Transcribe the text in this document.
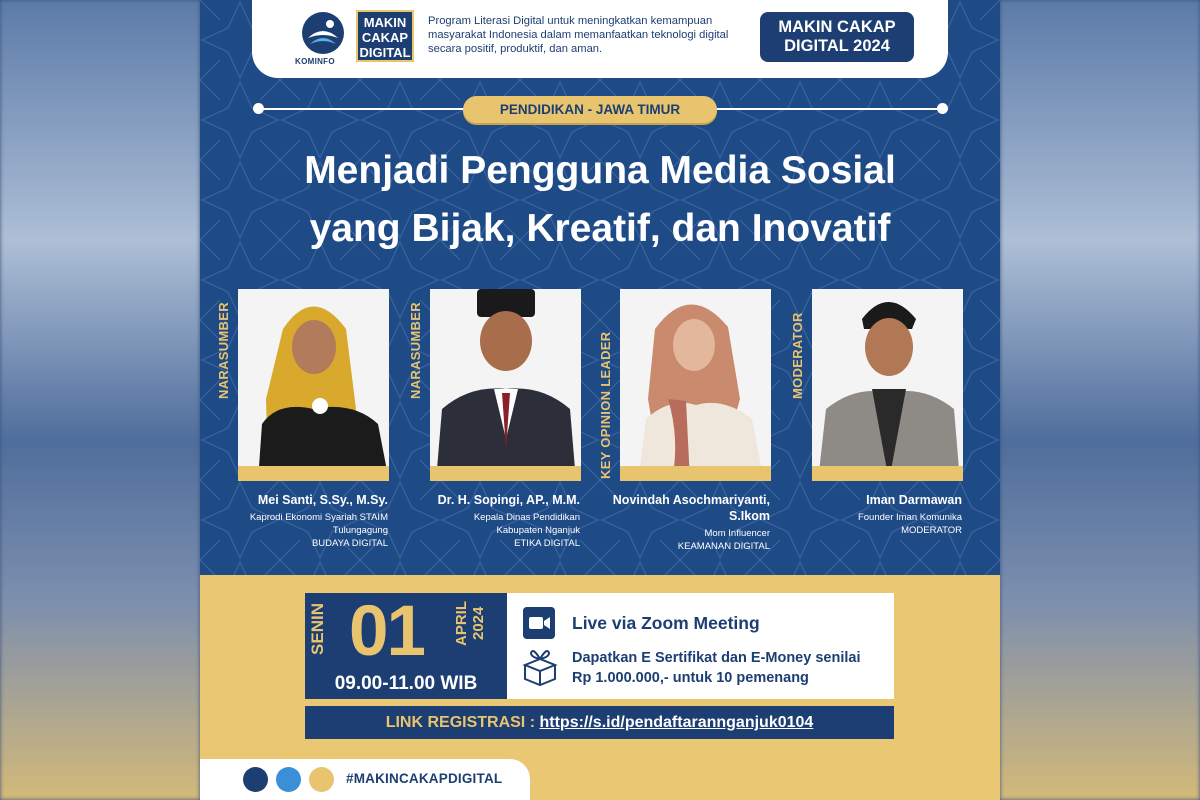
KOMINFO
MAKIN
CAKAP
DIGITAL
Program Literasi Digital untuk meningkatkan kemampuan masyarakat Indonesia dalam memanfaatkan teknologi digital secara positif, produktif, dan aman.
MAKIN CAKAP
DIGITAL 2024
PENDIDIKAN - JAWA TIMUR
Menjadi Pengguna Media Sosial
yang Bijak, Kreatif, dan Inovatif
NARASUMBER
Mei Santi, S.Sy., M.Sy.
Kaprodi Ekonomi Syariah STAIM
Tulungagung
BUDAYA DIGITAL
NARASUMBER
Dr. H. Sopingi, AP., M.M.
Kepala Dinas Pendidikan
Kabupaten Nganjuk
ETIKA DIGITAL
KEY OPINION LEADER
Novindah Asochmariyanti,
S.Ikom
Mom Influencer
KEAMANAN DIGITAL
MODERATOR
Iman Darmawan
Founder Iman Komunika
MODERATOR
SENIN 01 APRIL 2024
09.00-11.00 WIB
Live via Zoom Meeting
Dapatkan E Sertifikat dan E-Money senilai
Rp 1.000.000,- untuk 10 pemenang
LINK REGISTRASI : https://s.id/pendaftarannganjuk0104
#MAKINCAKAPDIGITAL
